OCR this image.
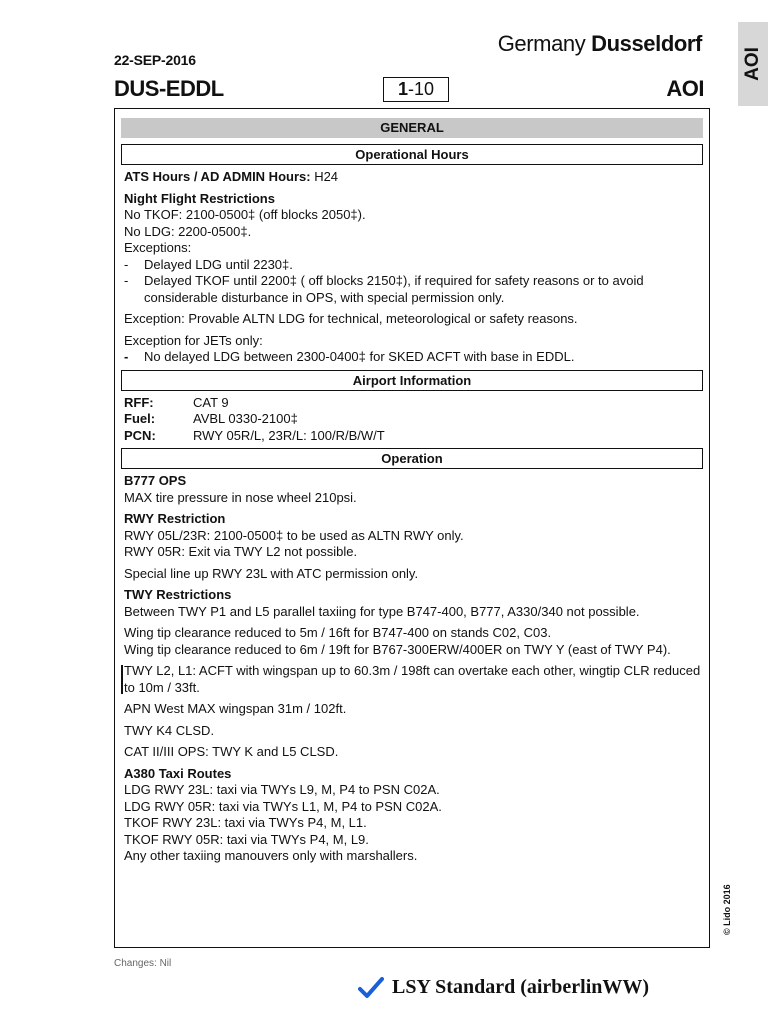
22-SEP-2016
DUS-EDDL
Germany Dusseldorf
1-10	AOI
AOI
GENERAL
Operational Hours
ATS Hours / AD ADMIN Hours: H24
Night Flight Restrictions
No TKOF: 2100-0500‡ (off blocks 2050‡).
No LDG: 2200-0500‡.
Exceptions:
-	Delayed LDG until 2230‡.
-	Delayed TKOF until 2200‡ ( off blocks 2150‡), if required for safety reasons or to avoid considerable disturbance in OPS, with special permission only.
Exception: Provable ALTN LDG for technical, meteorological or safety reasons.
Exception for JETs only:
-	No delayed LDG between 2300-0400‡ for SKED ACFT with base in EDDL.
Airport Information
RFF:	CAT 9
Fuel:	AVBL 0330-2100‡
PCN:	RWY 05R/L, 23R/L: 100/R/B/W/T
Operation
B777 OPS
MAX tire pressure in nose wheel 210psi.
RWY Restriction
RWY 05L/23R: 2100-0500‡ to be used as ALTN RWY only.
RWY 05R: Exit via TWY L2 not possible.
Special line up RWY 23L with ATC permission only.
TWY Restrictions
Between TWY P1 and L5 parallel taxiing for type B747-400, B777, A330/340 not possible.
Wing tip clearance reduced to 5m / 16ft for B747-400 on stands C02, C03.
Wing tip clearance reduced to 6m / 19ft for B767-300ERW/400ER on TWY Y (east of TWY P4).
TWY L2, L1: ACFT with wingspan up to 60.3m / 198ft can overtake each other, wingtip CLR reduced to 10m / 33ft.
APN West MAX wingspan 31m / 102ft.
TWY K4 CLSD.
CAT II/III OPS: TWY K and L5 CLSD.
A380 Taxi Routes
LDG RWY 23L: taxi via TWYs L9, M, P4 to PSN C02A.
LDG RWY 05R: taxi via TWYs L1, M, P4 to PSN C02A.
TKOF RWY 23L: taxi via TWYs P4, M, L1.
TKOF RWY 05R: taxi via TWYs P4, M, L9.
Any other taxiing manouvers only with marshallers.
© Lido 2016
Changes: Nil
LSY Standard (airberlinWW)
